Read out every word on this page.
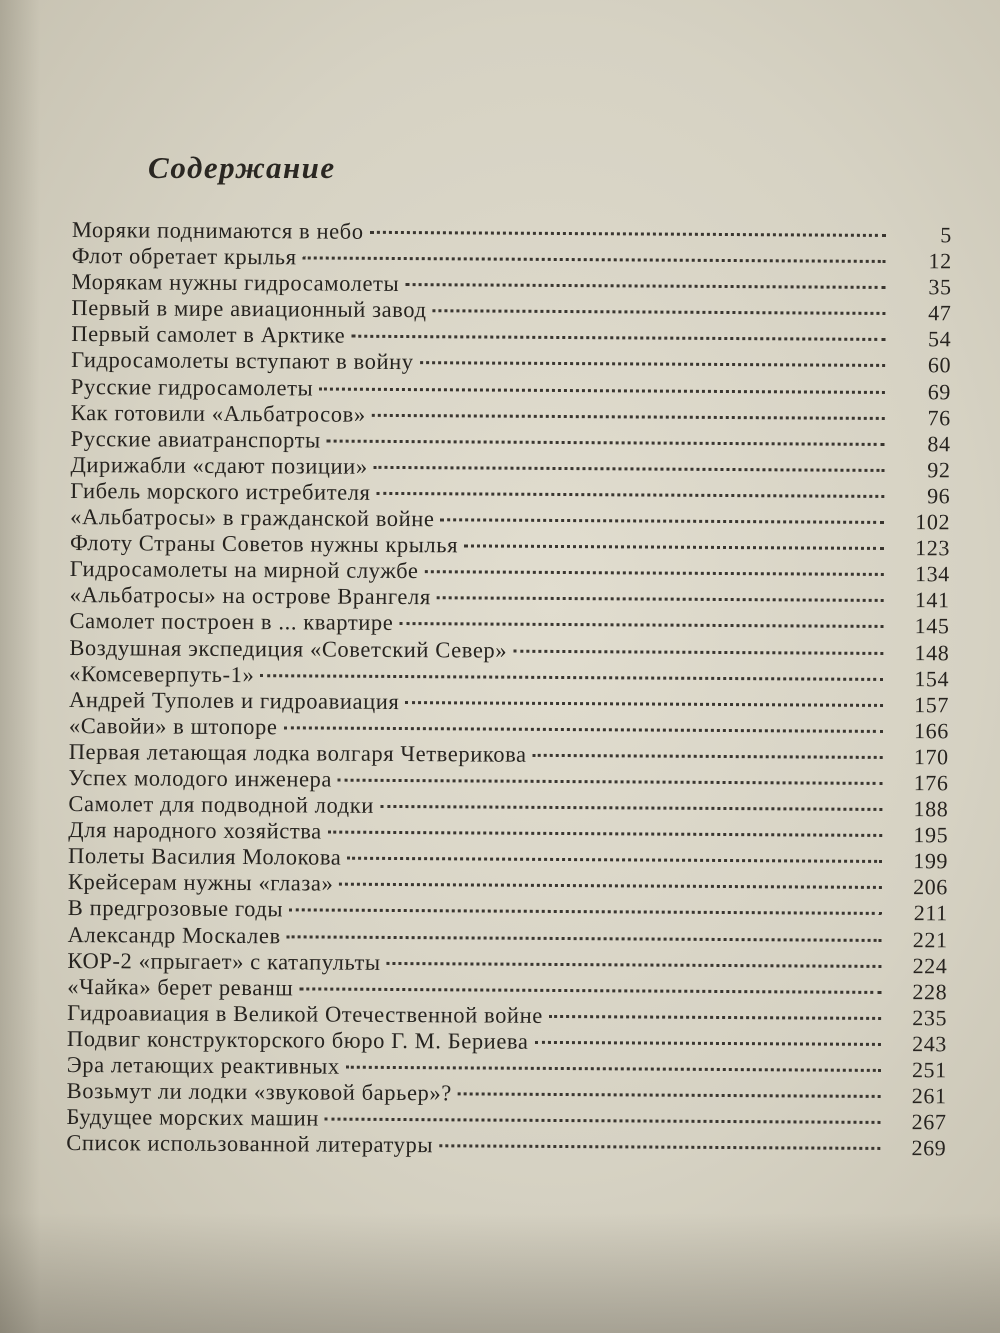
Содержание
Моряки поднимаются в небо	5
Флот обретает крылья	12
Морякам нужны гидросамолеты	35
Первый в мире авиационный завод	47
Первый самолет в Арктике	54
Гидросамолеты вступают в войну	60
Русские гидросамолеты	69
Как готовили «Альбатросов»	76
Русские авиатранспорты	84
Дирижабли «сдают позиции»	92
Гибель морского истребителя	96
«Альбатросы» в гражданской войне	102
Флоту Страны Советов нужны крылья	123
Гидросамолеты на мирной службе	134
«Альбатросы» на острове Врангеля	141
Самолет построен в ... квартире	145
Воздушная экспедиция «Советский Север»	148
«Комсеверпуть-1»	154
Андрей Туполев и гидроавиация	157
«Савойи» в штопоре	166
Первая летающая лодка волгаря Четверикова	170
Успех молодого инженера	176
Самолет для подводной лодки	188
Для народного хозяйства	195
Полеты Василия Молокова	199
Крейсерам нужны «глаза»	206
В предгрозовые годы	211
Александр Москалев	221
КОР-2 «прыгает» с катапульты	224
«Чайка» берет реванш	228
Гидроавиация в Великой Отечественной войне	235
Подвиг конструкторского бюро Г. М. Бериева	243
Эра летающих реактивных	251
Возьмут ли лодки «звуковой барьер»?	261
Будущее морских машин	267
Список использованной литературы	269
